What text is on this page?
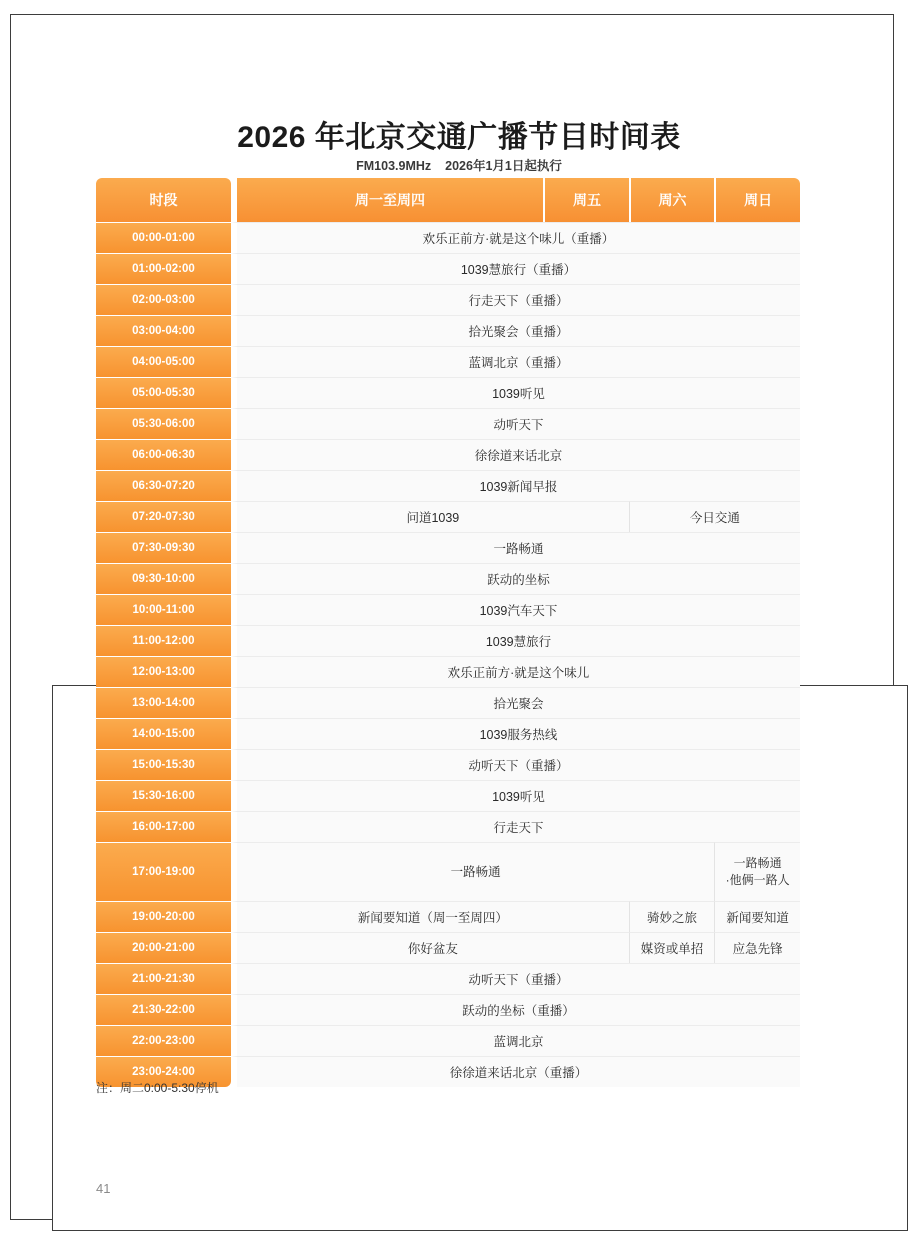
2026 年北京交通广播节目时间表
FM103.9MHz 2026年1月1日起执行
时段	周一至周四	周五	周六	周日
00:00-01:00	欢乐正前方·就是这个味儿（重播）			
01:00-02:00	1039慧旅行（重播）			
02:00-03:00	行走天下（重播）			
03:00-04:00	拾光聚会（重播）			
04:00-05:00	蓝调北京（重播）			
05:00-05:30	1039听见			
05:30-06:00	动听天下			
06:00-06:30	徐徐道来话北京			
06:30-07:20	1039新闻早报			
07:20-07:30	问道1039		今日交通	
07:30-09:30	一路畅通			
09:30-10:00	跃动的坐标			
10:00-11:00	1039汽车天下			
11:00-12:00	1039慧旅行			
12:00-13:00	欢乐正前方·就是这个味儿			
13:00-14:00	拾光聚会			
14:00-15:00	1039服务热线			
15:00-15:30	动听天下（重播）			
15:30-16:00	1039听见			
16:00-17:00	行走天下			
17:00-19:00	一路畅通			一路畅通
·他俩一路人

19:00-20:00	新闻要知道（周一至周四）		骑妙之旅	新闻要知道
20:00-21:00	你好盆友		媒资或单招	应急先锋
21:00-21:30	动听天下（重播）			
21:30-22:00	跃动的坐标（重播）			
22:00-23:00	蓝调北京			
23:00-24:00	徐徐道来话北京（重播）			
注：周二0:00-5:30停机
41
